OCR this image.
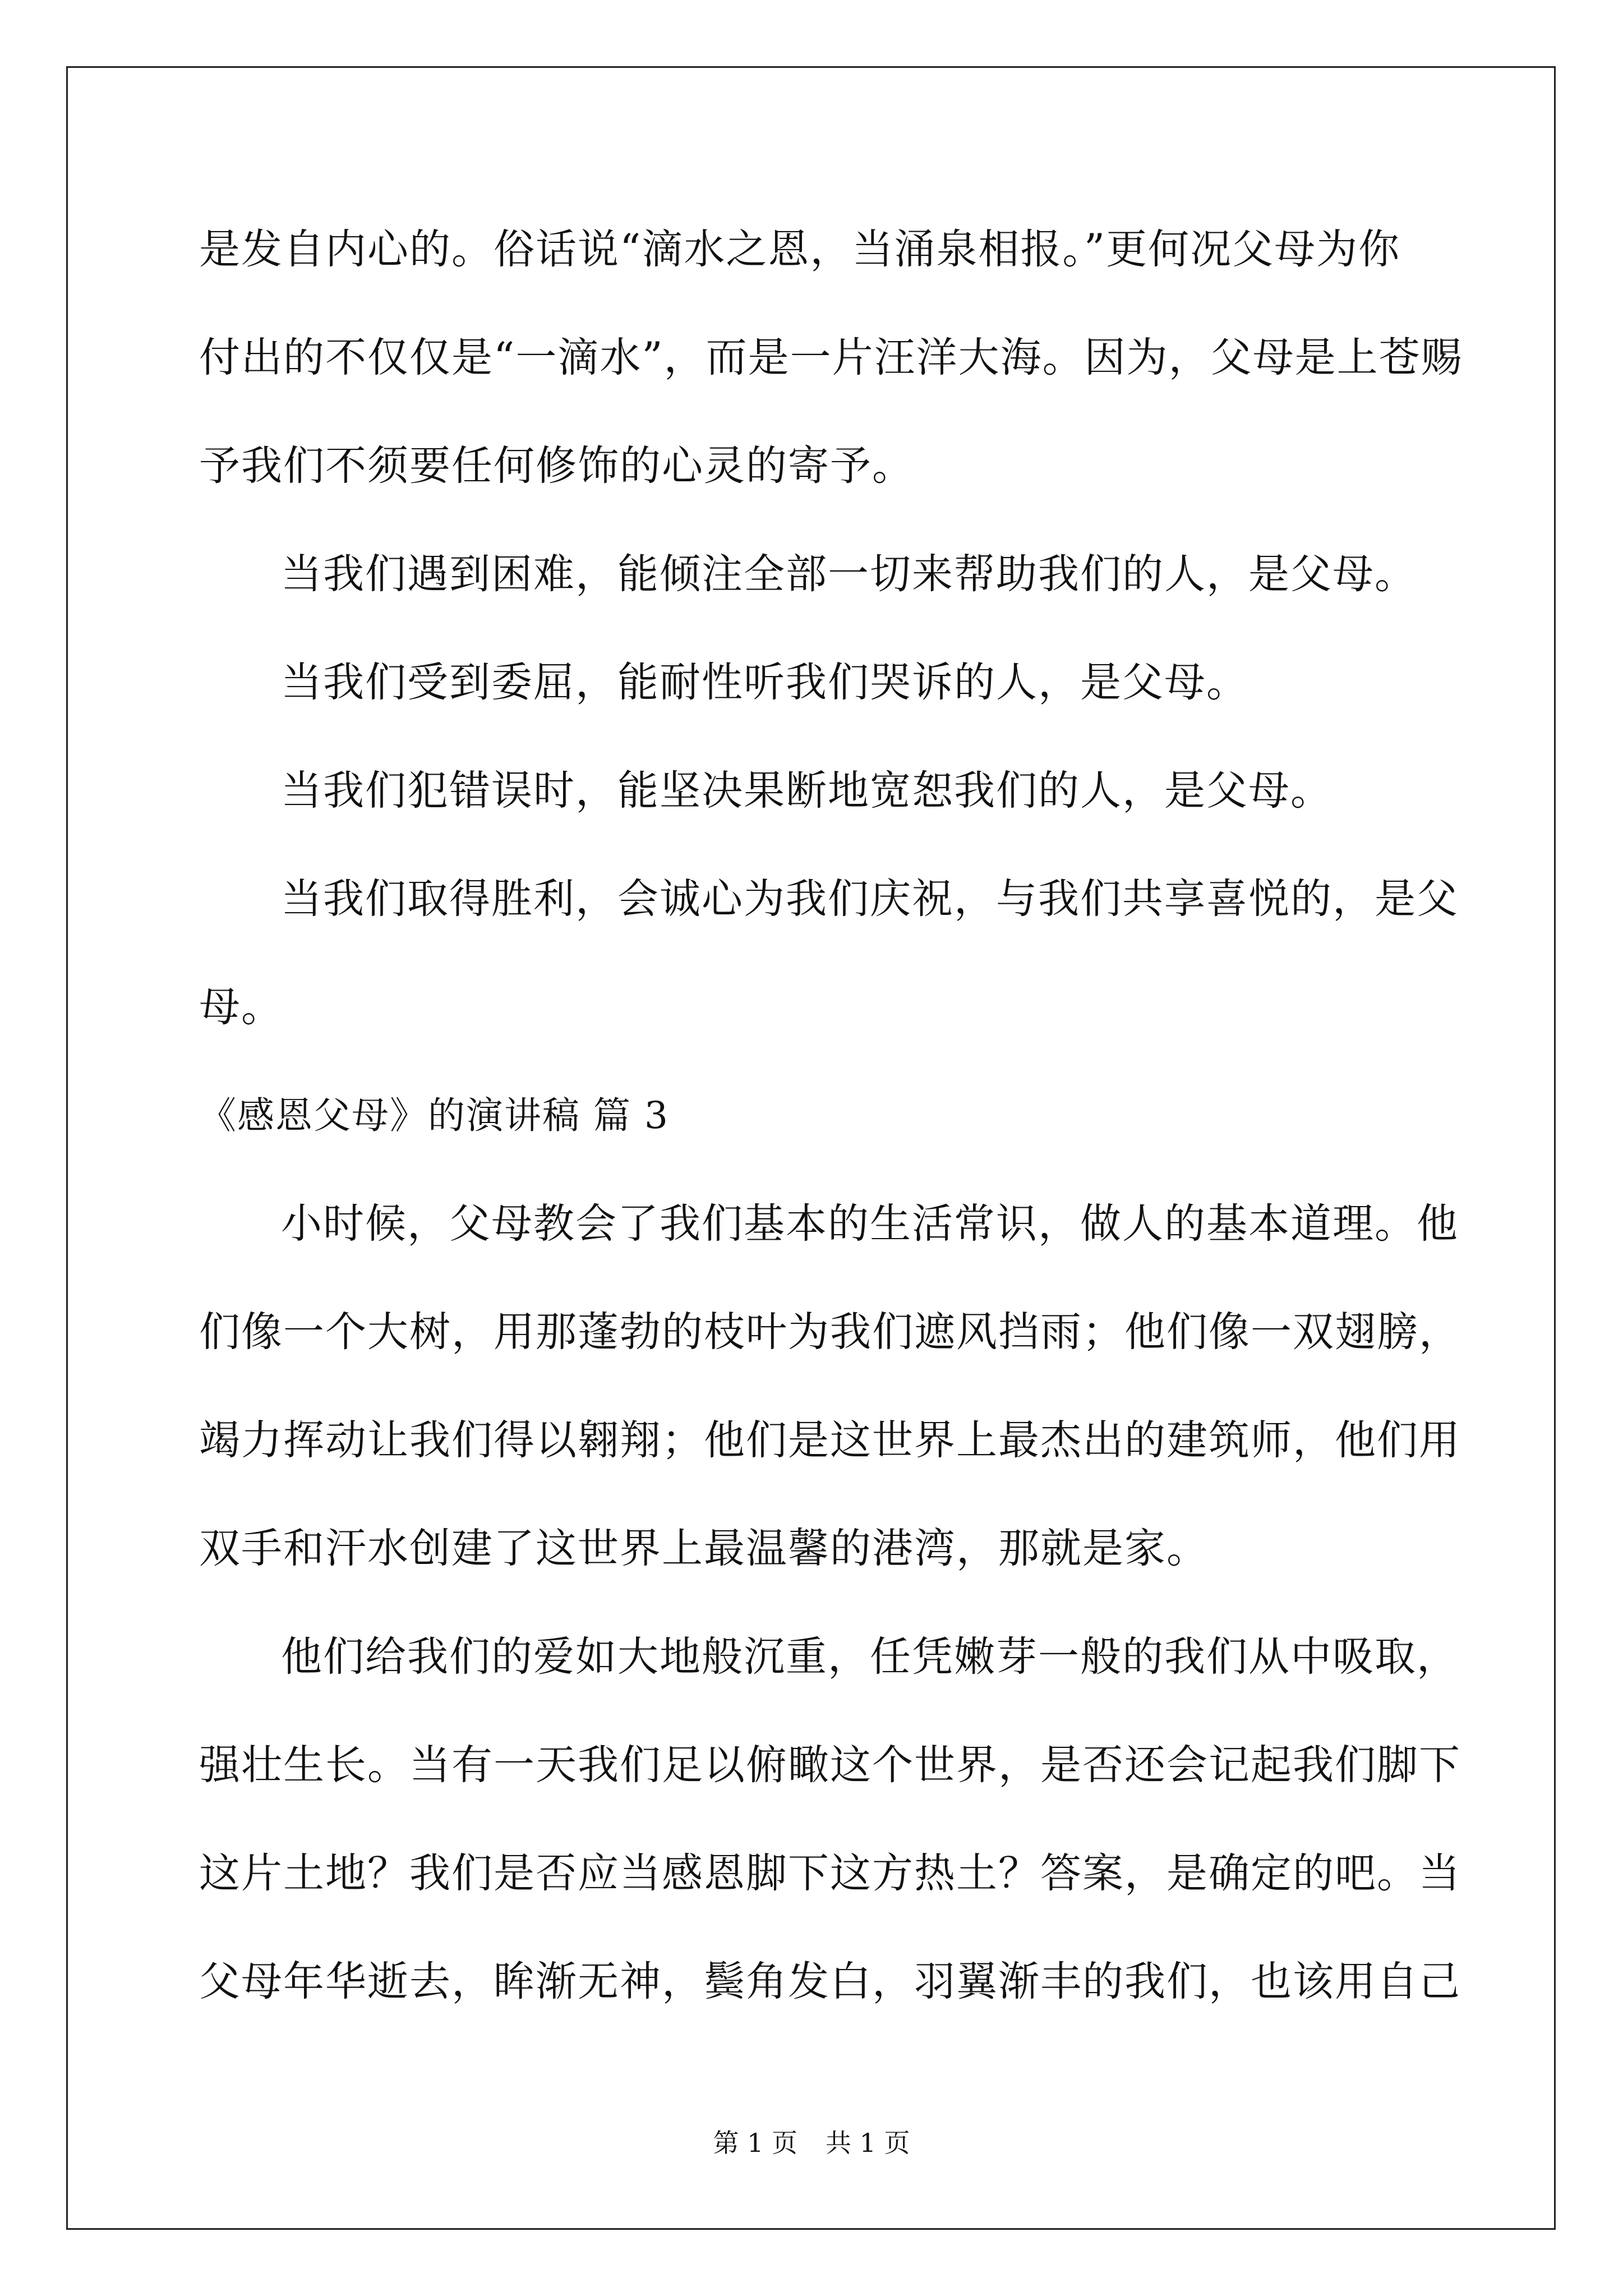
是发自内心的。俗话说“滴水之恩，当涌泉相报。”更何况父母为你
付出的不仅仅是“一滴水”，而是一片汪洋大海。因为，父母是上苍赐
予我们不须要任何修饰的心灵的寄予。
当我们遇到困难，能倾注全部一切来帮助我们的人，是父母。
当我们受到委屈，能耐性听我们哭诉的人，是父母。
当我们犯错误时，能坚决果断地宽恕我们的人，是父母。
当我们取得胜利，会诚心为我们庆祝，与我们共享喜悦的，是父
母。
《感恩父母》的演讲稿 篇 3
小时候，父母教会了我们基本的生活常识，做人的基本道理。他
们像一个大树，用那蓬勃的枝叶为我们遮风挡雨；他们像一双翅膀，
竭力挥动让我们得以翱翔；他们是这世界上最杰出的建筑师，他们用
双手和汗水创建了这世界上最温馨的港湾，那就是家。
他们给我们的爱如大地般沉重，任凭嫩芽一般的我们从中吸取，
强壮生长。当有一天我们足以俯瞰这个世界，是否还会记起我们脚下
这片土地？我们是否应当感恩脚下这方热土？答案，是确定的吧。当
父母年华逝去，眸渐无神，鬓角发白，羽翼渐丰的我们，也该用自己
第 1 页 共 1 页
